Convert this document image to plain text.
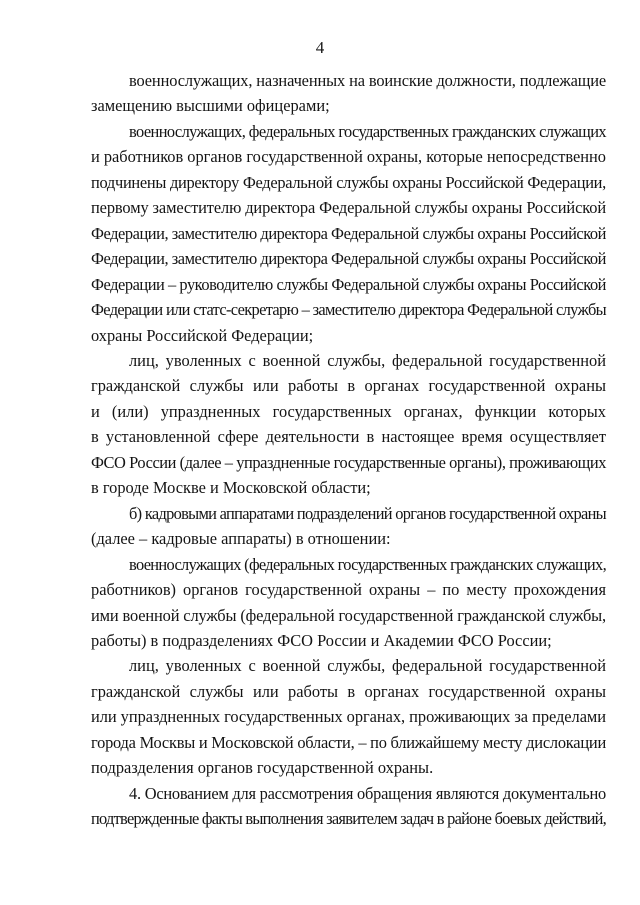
4
военнослужащих, назначенных на воинские должности, подлежащие
замещению высшими офицерами;
военнослужащих, федеральных государственных гражданских служащих
и работников органов государственной охраны, которые непосредственно
подчинены директору Федеральной службы охраны Российской Федерации,
первому заместителю директора Федеральной службы охраны Российской
Федерации, заместителю директора Федеральной службы охраны Российской
Федерации, заместителю директора Федеральной службы охраны Российской
Федерации – руководителю службы Федеральной службы охраны Российской
Федерации или статс-секретарю – заместителю директора Федеральной службы
охраны Российской Федерации;
лиц, уволенных с военной службы, федеральной государственной
гражданской службы или работы в органах государственной охраны
и (или) упраздненных государственных органах, функции которых
в установленной сфере деятельности в настоящее время осуществляет
ФСО России (далее – упраздненные государственные органы), проживающих
в городе Москве и Московской области;
б) кадровыми аппаратами подразделений органов государственной охраны
(далее – кадровые аппараты) в отношении:
военнослужащих (федеральных государственных гражданских служащих,
работников) органов государственной охраны – по месту прохождения
ими военной службы (федеральной государственной гражданской службы,
работы) в подразделениях ФСО России и Академии ФСО России;
лиц, уволенных с военной службы, федеральной государственной
гражданской службы или работы в органах государственной охраны
или упраздненных государственных органах, проживающих за пределами
города Москвы и Московской области, – по ближайшему месту дислокации
подразделения органов государственной охраны.
4. Основанием для рассмотрения обращения являются документально
подтвержденные факты выполнения заявителем задач в районе боевых действий,
